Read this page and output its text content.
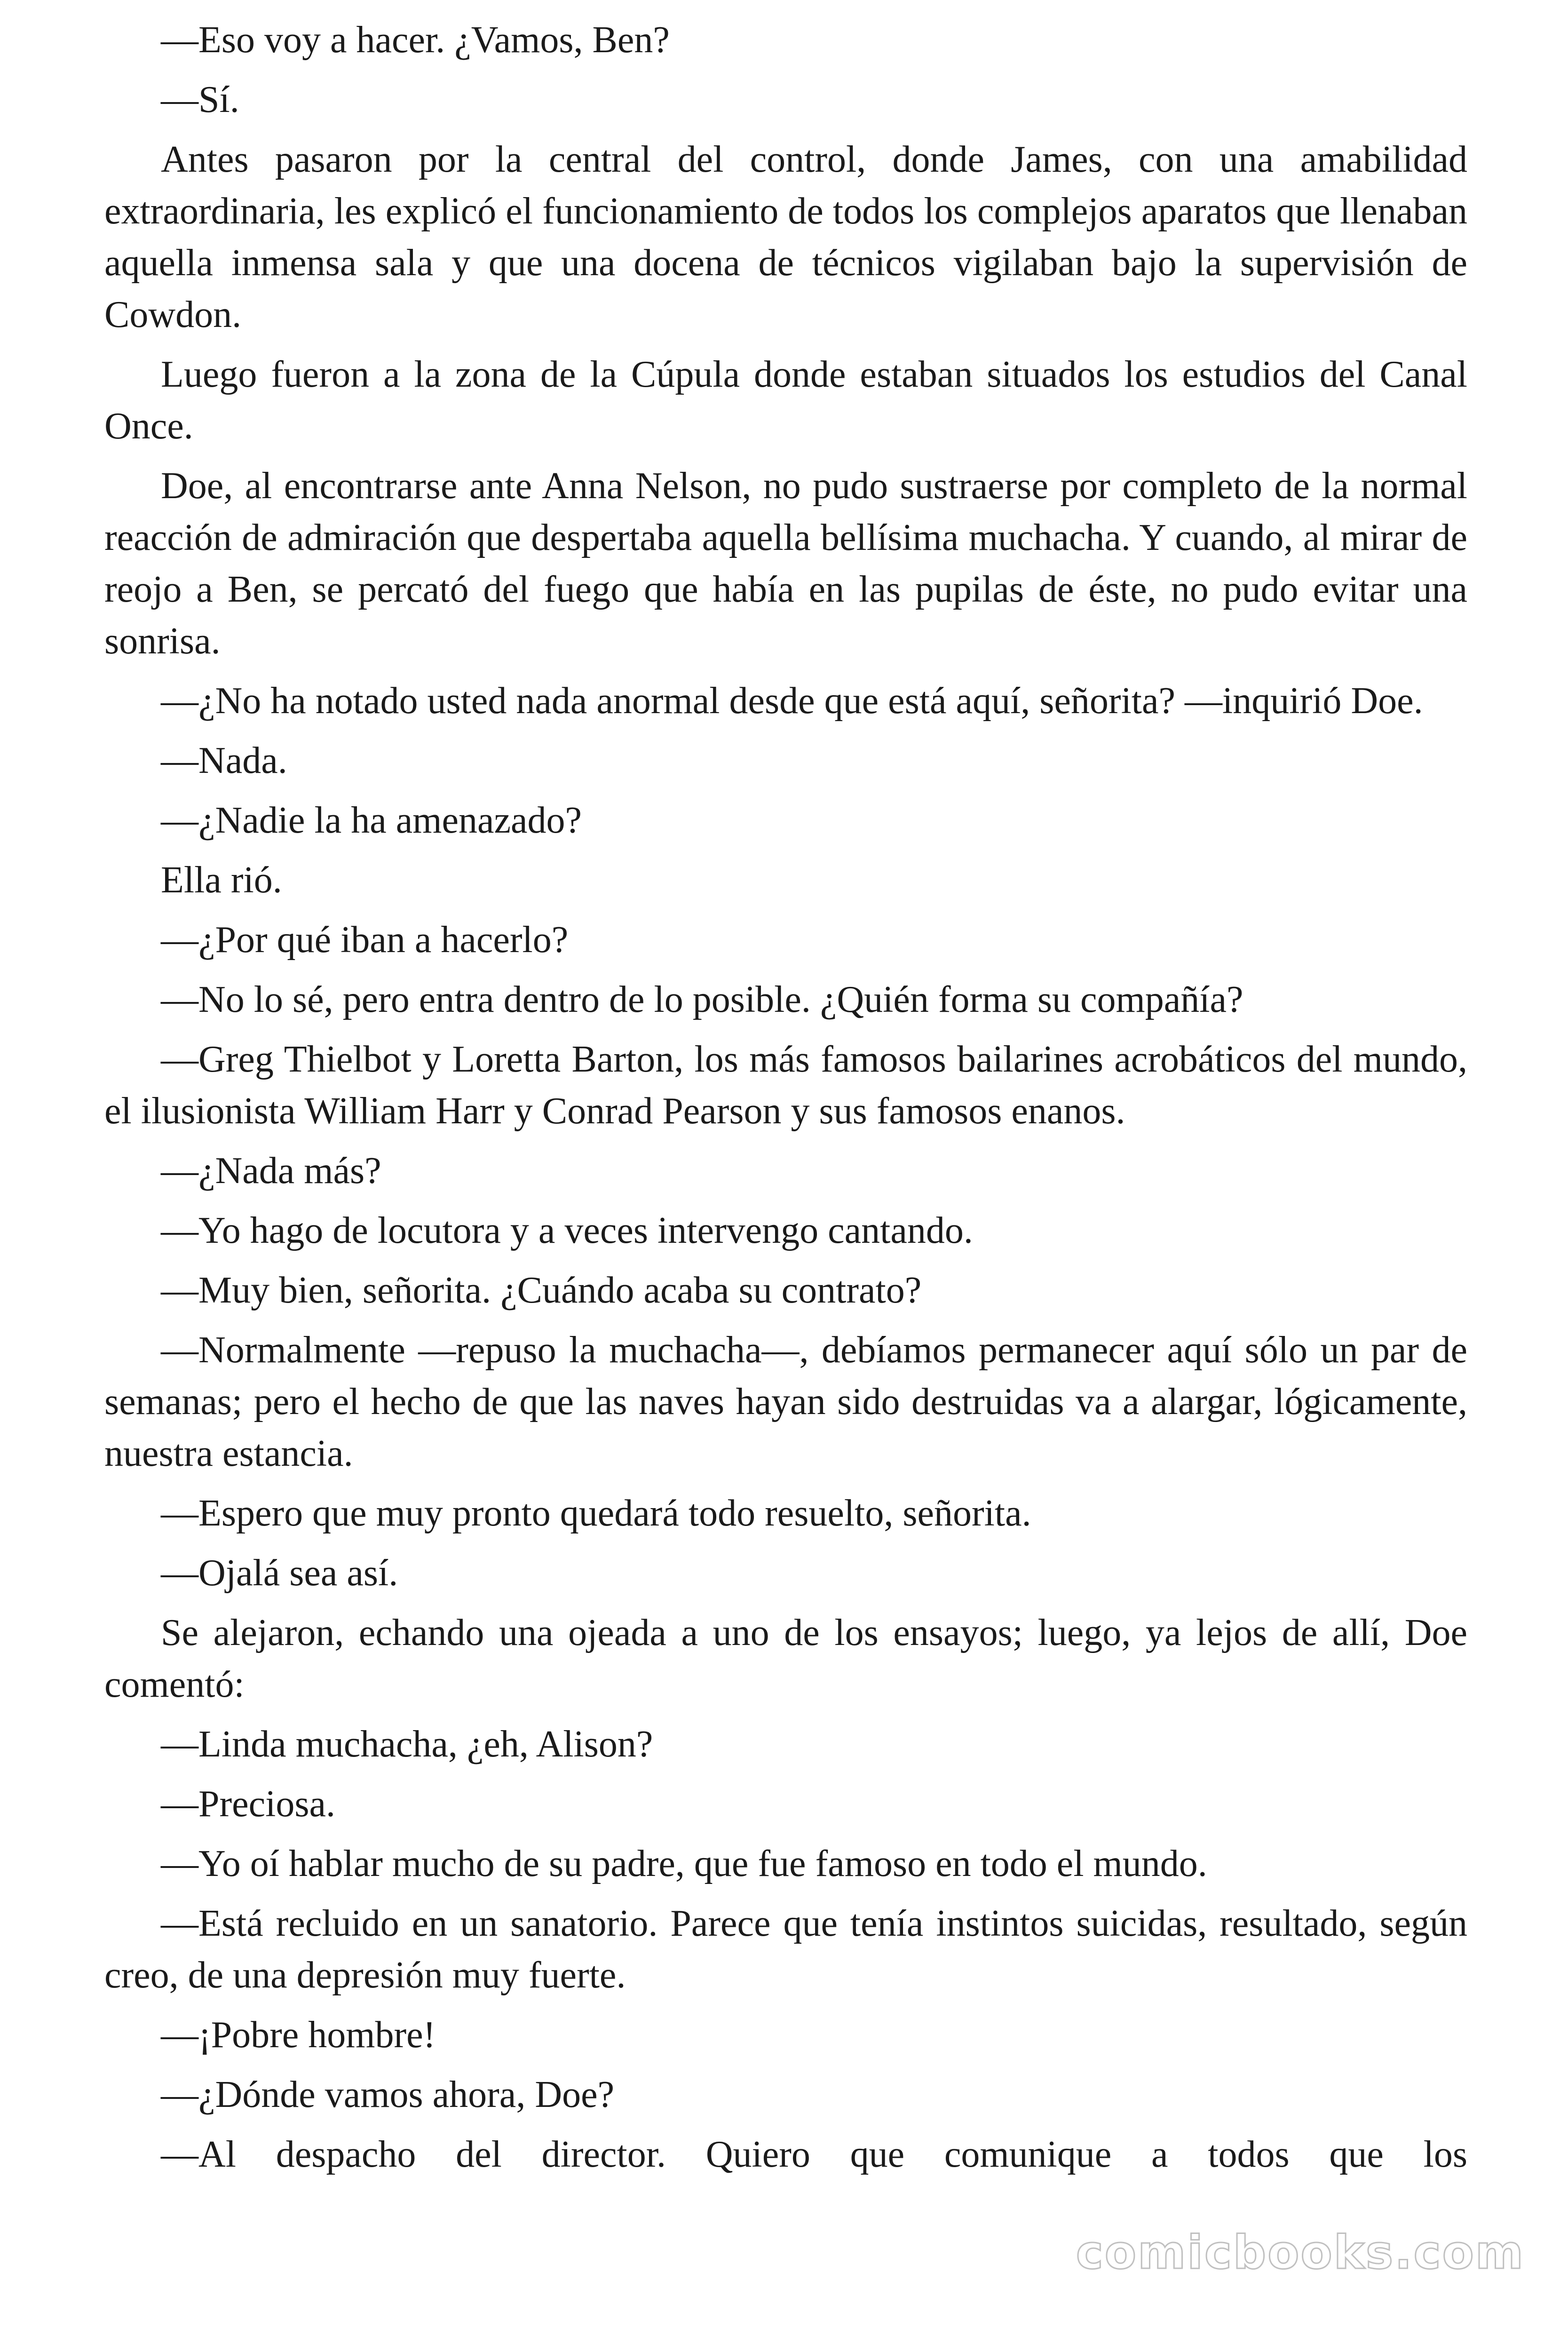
—Eso voy a hacer. ¿Vamos, Ben?

—Sí.

Antes pasaron por la central del control, donde James, con una amabilidad extraordinaria, les explicó el funcionamiento de todos los complejos aparatos que llenaban aquella inmensa sala y que una docena de técnicos vigilaban bajo la supervisión de Cowdon.

Luego fueron a la zona de la Cúpula donde estaban situados los estudios del Canal Once.

Doe, al encontrarse ante Anna Nelson, no pudo sustraerse por completo de la normal reacción de admiración que despertaba aquella bellísima muchacha. Y cuando, al mirar de reojo a Ben, se percató del fuego que había en las pupilas de éste, no pudo evitar una sonrisa.

—¿No ha notado usted nada anormal desde que está aquí, señorita? —inquirió Doe.

—Nada.

—¿Nadie la ha amenazado?

Ella rió.

—¿Por qué iban a hacerlo?

—No lo sé, pero entra dentro de lo posible. ¿Quién forma su compañía?

—Greg Thielbot y Loretta Barton, los más famosos bailarines acrobáticos del mundo, el ilusionista William Harr y Conrad Pearson y sus famosos enanos.

—¿Nada más?

—Yo hago de locutora y a veces intervengo cantando.

—Muy bien, señorita. ¿Cuándo acaba su contrato?

—Normalmente —repuso la muchacha—, debíamos permanecer aquí sólo un par de semanas; pero el hecho de que las naves hayan sido destruidas va a alargar, lógicamente, nuestra estancia.

—Espero que muy pronto quedará todo resuelto, señorita.

—Ojalá sea así.

Se alejaron, echando una ojeada a uno de los ensayos; luego, ya lejos de allí, Doe comentó:

—Linda muchacha, ¿eh, Alison?

—Preciosa.

—Yo oí hablar mucho de su padre, que fue famoso en todo el mundo.

—Está recluido en un sanatorio. Parece que tenía instintos suicidas, resultado, según creo, de una depresión muy fuerte.

—¡Pobre hombre!

—¿Dónde vamos ahora, Doe?

—Al despacho del director. Quiero que comunique a todos que los

comicbooks.com
